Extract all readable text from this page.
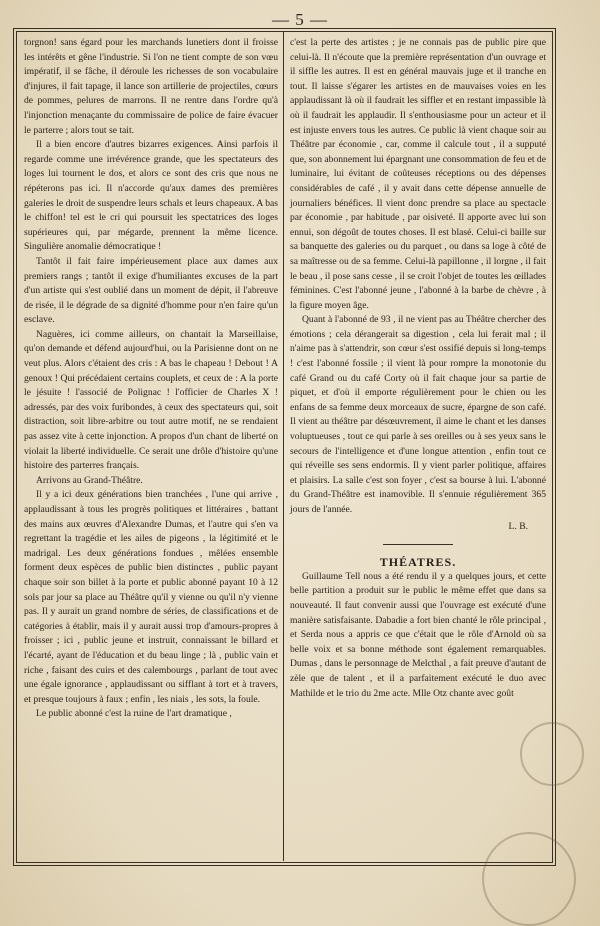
— 5 —

torgnon! sans égard pour les marchands lunetiers dont il froisse les intérêts et gêne l'industrie. Si l'on ne tient compte de son vœu impératif, il se fâche, il déroule les richesses de son vocabulaire d'injures, il fait tapage, il lance son artillerie de projectiles, cœurs de pommes, pelures de marrons. Il ne rentre dans l'ordre qu'à l'injonction menaçante du commissaire de police de faire évacuer le parterre ; alors tout se tait.

Il a bien encore d'autres bizarres exigences. Ainsi parfois il regarde comme une irrévérence grande, que les spectateurs des loges lui tournent le dos, et alors ce sont des cris que nous ne répéterons pas ici. Il n'accorde qu'aux dames des premières galeries le droit de suspendre leurs schals et leurs chapeaux. A bas le chiffon! tel est le cri qui poursuit les spectatrices des loges supérieures qui, par mégarde, prennent la même licence. Singulière anomalie démocratique !

Tantôt il fait faire impérieusement place aux dames aux premiers rangs ; tantôt il exige d'humiliantes excuses de la part d'un artiste qui s'est oublié dans un moment de dépit, il l'abreuve de risée, il le dégrade de sa dignité d'homme pour n'en faire qu'un esclave.

Naguères, ici comme ailleurs, on chantait la Marseillaise, qu'on demande et défend aujourd'hui, ou la Parisienne dont on ne veut plus. Alors c'étaient des cris : A bas le chapeau ! Debout ! A genoux ! Qui précédaient certains couplets, et ceux de : A la porte le jésuite ! l'associé de Polignac ! l'officier de Charles X ! adressés, par des voix furibondes, à ceux des spectateurs qui, soit distraction, soit libre-arbitre ou tout autre motif, ne se rendaient pas assez vite à cette injonction. A propos d'un chant de liberté on violait la liberté individuelle. Ce serait une drôle d'histoire qu'une histoire des parterres français.

Arrivons au Grand-Théâtre.

Il y a ici deux générations bien tranchées , l'une qui arrive , applaudissant à tous les progrès politiques et littéraires , battant des mains aux œuvres d'Alexandre Dumas, et l'autre qui s'en va regrettant la tragédie et les ailes de pigeons , la légitimité et le madrigal. Les deux générations fondues , mêlées ensemble forment deux espèces de public bien distinctes , public payant chaque soir son billet à la porte et public abonné payant 10 à 12 sols par jour sa place au Théâtre qu'il y vienne ou qu'il n'y vienne pas. Il y aurait un grand nombre de séries, de classifications et de catégories à établir, mais il y aurait aussi trop d'amours-propres à froisser ; ici , public jeune et instruit, connaissant le billard et l'écarté, ayant de l'éducation et du beau linge ; là , public vain et riche , faisant des cuirs et des calembourgs , parlant de tout avec une égale ignorance , applaudissant ou sifflant à tort et à travers, et presque toujours à faux ; enfin , les niais , les sots, la foule.

Le public abonné c'est la ruine de l'art dramatique ,

c'est la perte des artistes ; je ne connais pas de public pire que celui-là. Il n'écoute que la première représentation d'un ouvrage et il siffle les autres. Il est en général mauvais juge et il tranche en tout. Il laisse s'égarer les artistes en de mauvaises voies en les applaudissant là où il faudrait les siffler et en restant impassible là où il faudrait les applaudir. Il s'enthousiasme pour un acteur et il est injuste envers tous les autres. Ce public là vient chaque soir au Théâtre par économie , car, comme il calcule tout , il a supputé que, son abonnement lui épargnant une consommation de feu et de luminaire, lui évitant de coûteuses réceptions ou des dépenses considérables de café , il y avait dans cette dépense annuelle de journaliers bénéfices. Il vient donc prendre sa place au spectacle par économie , par habitude , par oisiveté. Il apporte avec lui son ennui, son dégoût de toutes choses. Il est blasé. Celui-ci baille sur sa banquette des galeries ou du parquet , ou dans sa loge à côté de sa maîtresse ou de sa femme. Celui-là papillonne , il lorgne , il fait le beau , il pose sans cesse , il se croit l'objet de toutes les œillades féminines. C'est l'abonné jeune , l'abonné à la barbe de chèvre , à la figure moyen âge.

Quant à l'abonné de 93 , il ne vient pas au Théâtre chercher des émotions ; cela dérangerait sa digestion , cela lui ferait mal ; il n'aime pas à s'attendrir, son cœur s'est ossifié depuis si long-temps ! c'est l'abonné fossile ; il vient là pour rompre la monotonie du café Grand ou du café Corty où il fait chaque jour sa partie de piquet, et d'où il emporte régulièrement pour le chien ou les enfans de sa femme deux morceaux de sucre, épargne de son café. Il vient au théâtre par désœuvrement, il aime le chant et les danses voluptueuses , tout ce qui parle à ses oreilles ou à ses yeux sans le secours de l'intelligence et d'une longue attention , enfin tout ce qui réveille ses sens endormis. Il y vient parler politique, affaires et plaisirs. La salle c'est son foyer , c'est sa bourse à lui. L'abonné du Grand-Théâtre est inamovible. Il s'ennuie régulièrement 365 jours de l'année.

L. B.

THÉATRES.

Guillaume Tell nous a été rendu il y a quelques jours, et cette belle partition a produit sur le public le même effet que dans sa nouveauté. Il faut convenir aussi que l'ouvrage est exécuté d'une manière satisfaisante. Dabadie a fort bien chanté le rôle principal , et Serda nous a appris ce que c'était que le rôle d'Arnold où sa belle voix et sa bonne méthode sont également remarquables. Dumas , dans le personnage de Melcthal , a fait preuve d'autant de zèle que de talent , et il a parfaitement exécuté le duo avec Mathilde et le trio du 2me acte. Mlle Otz chante avec goût
